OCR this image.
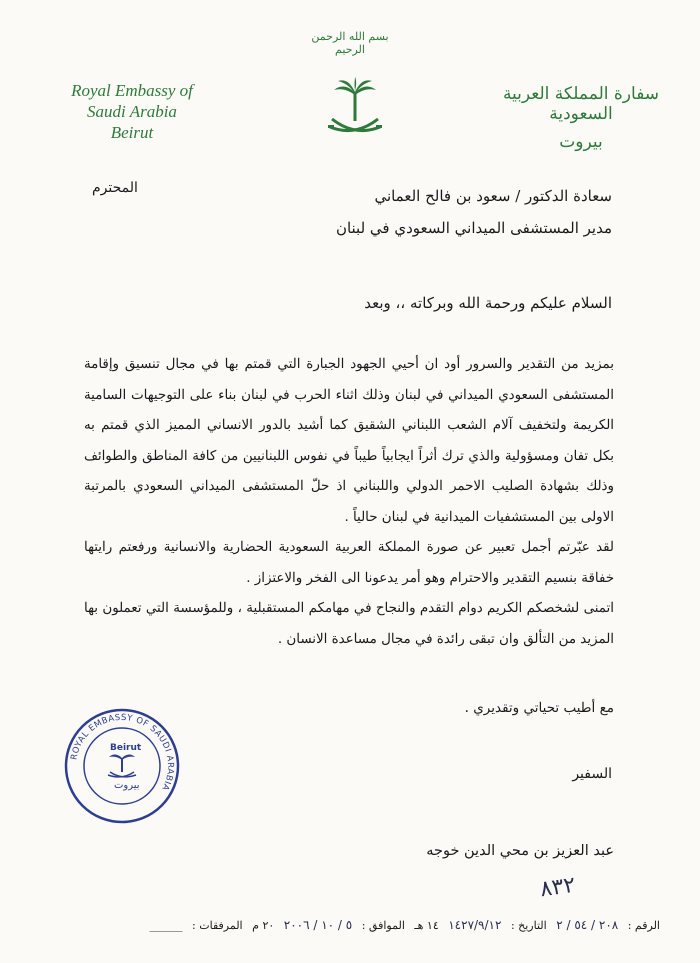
بسم الله الرحمن الرحيم
Royal Embassy of
Saudi Arabia
Beirut
سفارة المملكة العربية السعودية
بيروت
المحترم	سعادة الدكتور / سعود بن فالح العماني
مدير المستشفى الميداني السعودي في لبنان
السلام عليكم ورحمة الله وبركاته ،، وبعد

بمزيد من التقدير والسرور أود ان أحيي الجهود الجبارة التي قمتم بها في مجال تنسيق وإقامة المستشفى السعودي الميداني في لبنان وذلك اثناء الحرب في لبنان بناء على التوجيهات السامية الكريمة ولتخفيف آلام الشعب اللبناني الشقيق كما أشيد بالدور الانساني المميز الذي قمتم به بكل تفان ومسؤولية والذي ترك أثراً ايجابياً طيباً في نفوس اللبنانيين من كافة المناطق والطوائف وذلك بشهادة الصليب الاحمر الدولي واللبناني اذ حلّ المستشفى الميداني السعودي بالمرتبة الاولى بين المستشفيات الميدانية في لبنان حالياً .

لقد عبّرتم أجمل تعبير عن صورة المملكة العربية السعودية الحضارية والانسانية ورفعتم رايتها خفاقة بنسيم التقدير والاحترام وهو أمر يدعونا الى الفخر والاعتزاز .

اتمنى لشخصكم الكريم دوام التقدم والنجاح في مهامكم المستقبلية ، وللمؤسسة التي تعملون بها المزيد من التألق وان تبقى رائدة في مجال مساعدة الانسان .

مع أطيب تحياتي وتقديري .
ROYAL EMBASSY OF SAUDI ARABIA
Beirut
بيروت
السفير
عبد العزيز بن محي الدين خوجه
٨٣٢
الرقم : ٢٠٨ / ٥٤ / ٢ التاريخ : ١٤٢٧/٩/١٢ ١٤ هـ الموافق : ٥ / ١٠ / ٢٠٠٦ ٢٠ م المرفقات : ______
